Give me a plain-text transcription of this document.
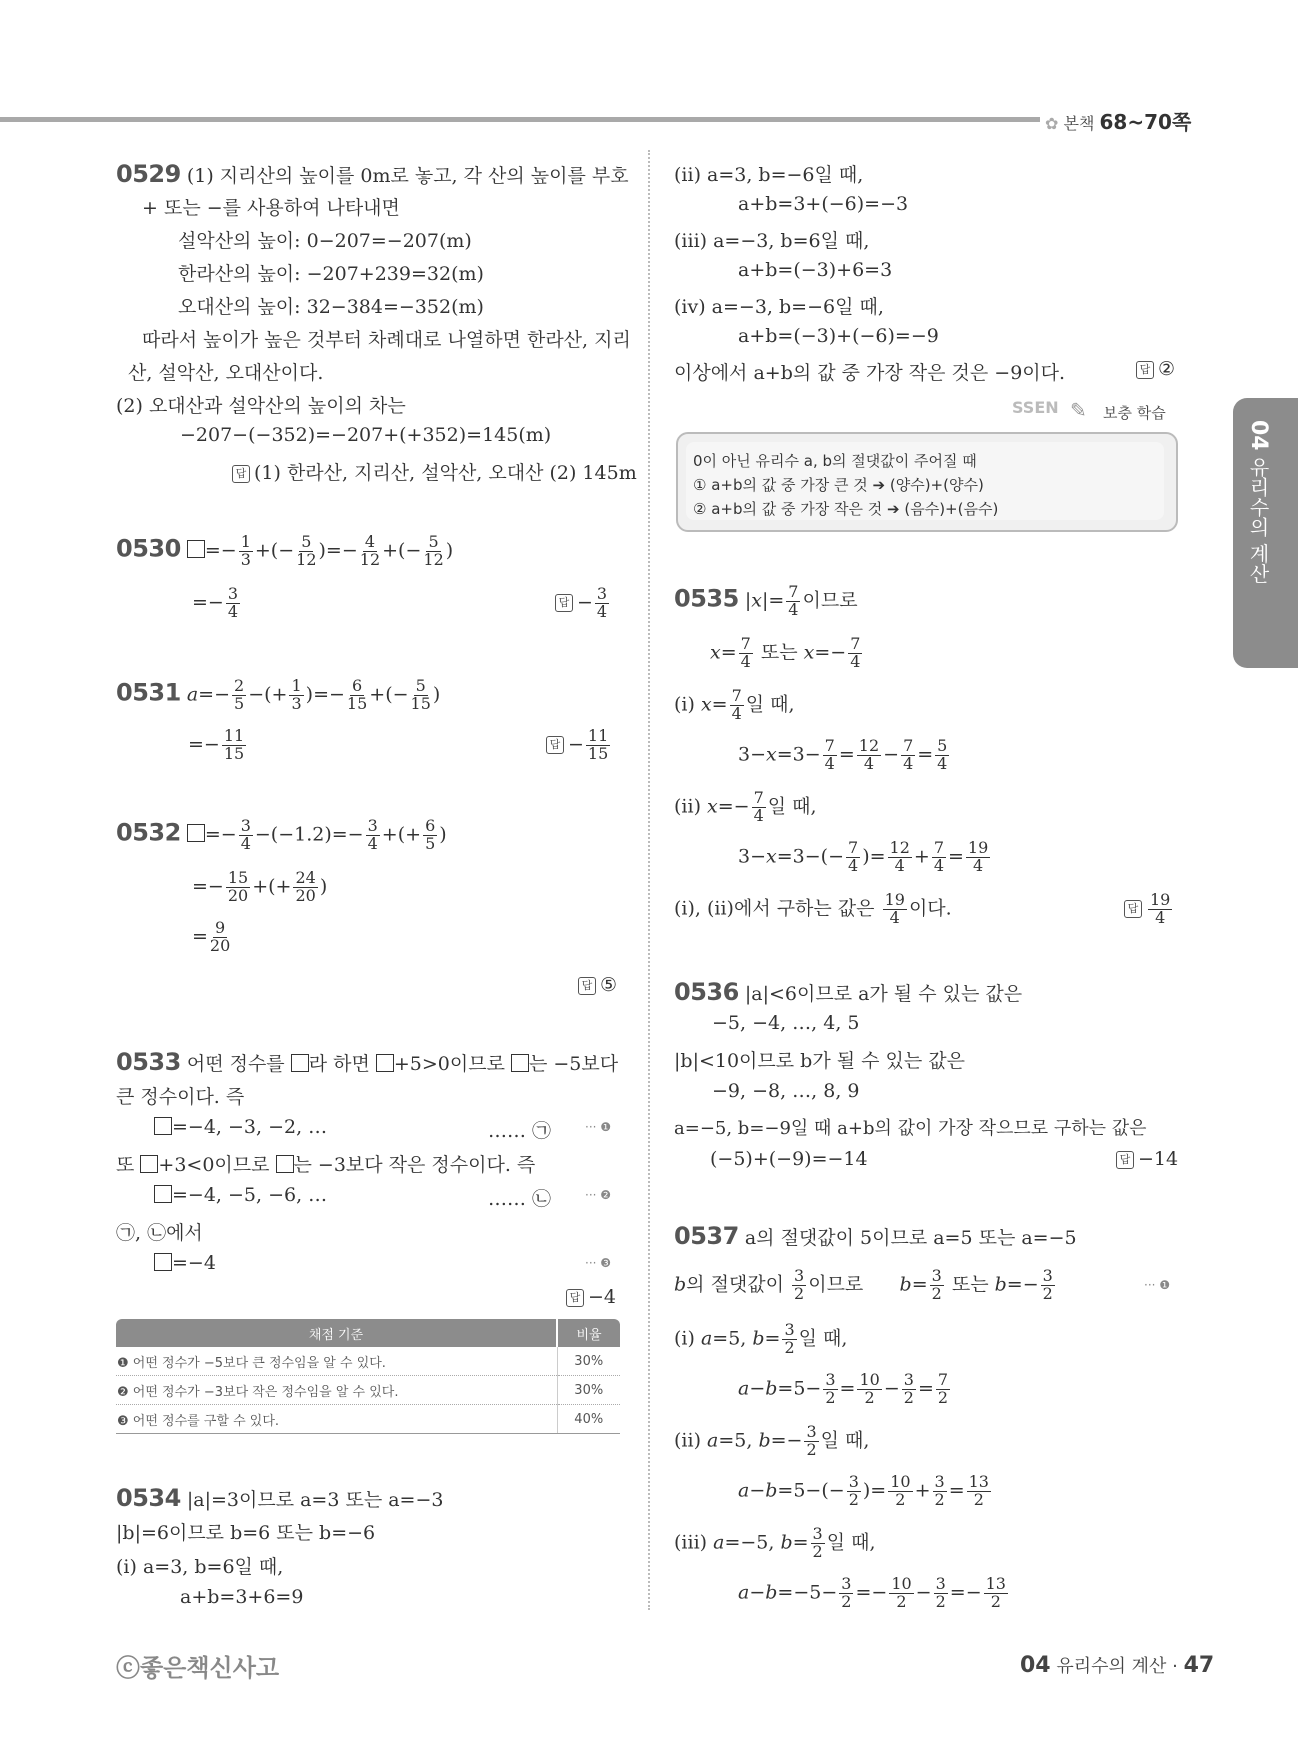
✿ 본책 68~70쪽
04 유리수의 계산
0529 (1) 지리산의 높이를 0m로 놓고, 각 산의 높이를 부호
+ 또는 −를 사용하여 나타내면
설악산의 높이: 0−207=−207(m)
한라산의 높이: −207+239=32(m)
오대산의 높이: 32−384=−352(m)
따라서 높이가 높은 것부터 차례대로 나열하면 한라산, 지리
산, 설악산, 오대산이다.
(2) 오대산과 설악산의 높이의 차는
−207−(−352)=−207+(+352)=145(m)
답 (1) 한라산, 지리산, 설악산, 오대산 (2) 145m
$0530 =- \frac{1}{3}$ +(− $\frac{5}{12}$ )=− $\frac{4}{12}$ +(− $\frac{5}{12}$ )
=− $\frac{3}{4}$	답 − $\frac{3}{4}$
0531 $a=- \frac{2}{5}$ −(+ $\frac{1}{3}$ )=− $\frac{6}{15}$ +(− $\frac{5}{15}$ )
=− $\frac{11}{15}$	답 − $\frac{11}{15}$
$0532 =- \frac{3}{4} -(-1.2)=- \frac{3}{4}$ +(+ $\frac{6}{5}$ )
=− $\frac{15}{20}$ +(+ $\frac{24}{20}$ )
= $\frac{9}{20}$
답 ⑤
0533 어떤 정수를 라 하면 +5>0이므로 는 −5보다
큰 정수이다. 즉
=−4, −3, −2, …	…… ㉠	··· ❶
또 +3<0이므로 는 −3보다 작은 정수이다. 즉
=−4, −5, −6, …	…… ㉡	··· ❷
㉠, ㉡에서
=−4	··· ❸
답 −4
채점 기준	비율
❶ 어떤 정수가 −5보다 큰 정수임을 알 수 있다.	30%
❷ 어떤 정수가 −3보다 작은 정수임을 알 수 있다.	30%
❸ 어떤 정수를 구할 수 있다.	40%
0534 |a|=3이므로 a=3 또는 a=−3
|b|=6이므로 b=6 또는 b=−6
(i) a=3, b=6일 때,
a+b=3+6=9
(ii) a=3, b=−6일 때,
a+b=3+(−6)=−3
(iii) a=−3, b=6일 때,
a+b=(−3)+6=3
(iv) a=−3, b=−6일 때,
a+b=(−3)+(−6)=−9
이상에서 a+b의 값 중 가장 작은 것은 −9이다.	답 ②
SSEN ✎ 보충 학습
0이 아닌 유리수 a, b의 절댓값이 주어질 때
① a+b의 값 중 가장 큰 것 ➔ (양수)+(양수)
② a+b의 값 중 가장 작은 것 ➔ (음수)+(음수)
0535 $|x|= \frac{7}{4}$ 이므로
$x= \frac{7}{4}$ 또는 $x=- \frac{7}{4}$
(i) $x= \frac{7}{4}$ 일 때,
$3-x=3- \frac{7}{4} = \frac{12}{4} - \frac{7}{4} = \frac{5}{4}$
(ii) $x=- \frac{7}{4}$ 일 때,
$3-x=3-(- \frac{7}{4}$ )= $\frac{12}{4} + \frac{7}{4} = \frac{19}{4}$
(i), (ii)에서 구하는 값은 $\frac{19}{4}$ 이다.	답 $\frac{19}{4}$
0536 |a|<6이므로 a가 될 수 있는 값은
−5, −4, …, 4, 5
|b|<10이므로 b가 될 수 있는 값은
−9, −8, …, 8, 9
a=−5, b=−9일 때 a+b의 값이 가장 작으므로 구하는 값은
(−5)+(−9)=−14	답 −14
0537 a의 절댓값이 5이므로 a=5 또는 a=−5
b의 절댓값이 $\frac{3}{2}$ 이므로      $b= \frac{3}{2}$ 또는 $b=- \frac{3}{2}$	··· ❶
(i) a=5, $b= \frac{3}{2}$ 일 때,
$a-b=5- \frac{3}{2} = \frac{10}{2} - \frac{3}{2} = \frac{7}{2}$
(ii) a=5, $b=- \frac{3}{2}$ 일 때,
$a-b=5-(- \frac{3}{2}$ )= $\frac{10}{2} + \frac{3}{2} = \frac{13}{2}$
(iii) a=−5, $b= \frac{3}{2}$ 일 때,
$a-b=-5- \frac{3}{2} =- \frac{10}{2} - \frac{3}{2} =- \frac{13}{2}$
ⓒ좋은책신사고	04 유리수의 계산 · 47
